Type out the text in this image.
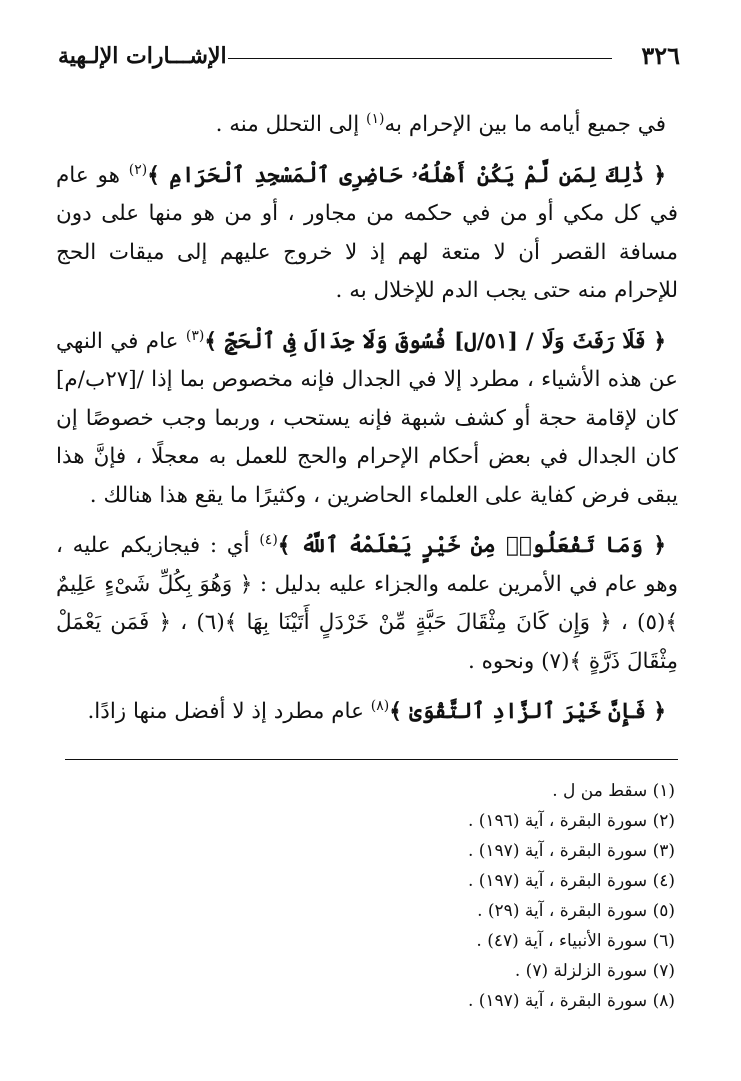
٣٢٦
الإشـــارات الإلـهية

في جميع أيامه ما بين الإحرام به$^{(١)}$ إلى التحلل منه .

﴿ ذَٰلِكَ لِمَن لَّمْ يَكُنْ أَهْلُهُۥ حَاضِرِى ٱلْمَسْجِدِ ٱلْحَرَامِ ﴾$^{(٢)}$ هو عام في كل مكي أو من في حكمه من مجاور ، أو من هو منها على دون مسافة القصر أن لا متعة لهم إذ لا خروج عليهم إلى ميقات الحج للإحرام منه حتى يجب الدم للإخلال به .

﴿ فَلَا رَفَثَ وَلَا / [٥١/ل] فُسُوقَ وَلَا جِدَالَ فِى ٱلْحَجِّ ﴾$^{(٣)}$ عام في النهي عن هذه الأشياء ، مطرد إلا في الجدال فإنه مخصوص بما إذا /[٢٧ب/م] كان لإقامة حجة أو كشف شبهة فإنه يستحب ، وربما وجب خصوصًا إن كان الجدال في بعض أحكام الإحرام والحج للعمل به معجلًا ، فإنَّ هذا يبقى فرض كفاية على العلماء الحاضرين ، وكثيرًا ما يقع هذا هنالك .

﴿ وَمَا تَفْعَلُوا۟ مِنْ خَيْرٍ يَعْلَمْهُ ٱللَّهُ ﴾$^{(٤)}$ أي : فيجازيكم عليه ، وهو عام في الأمرين علمه والجزاء عليه بدليل : ﴿ وَهُوَ بِكُلِّ شَىْءٍ عَلِيمٌ ﴾(٥) ، ﴿ وَإِن كَانَ مِثْقَالَ حَبَّةٍ مِّنْ خَرْدَلٍ أَتَيْنَا بِهَا ﴾(٦) ، ﴿ فَمَن يَعْمَلْ مِثْقَالَ ذَرَّةٍ ﴾(٧) ونحوه .

﴿ فَإِنَّ خَيْرَ ٱلزَّادِ ٱلتَّقْوَىٰ ﴾$^{(٨)}$ عام مطرد إذ لا أفضل منها زادًا.

(١) سقط من ل .
(٢) سورة البقرة ، آية (١٩٦) .
(٣) سورة البقرة ، آية (١٩٧) .
(٤) سورة البقرة ، آية (١٩٧) .
(٥) سورة البقرة ، آية (٢٩) .
(٦) سورة الأنبياء ، آية (٤٧) .
(٧) سورة الزلزلة (٧) .
(٨) سورة البقرة ، آية (١٩٧) .
